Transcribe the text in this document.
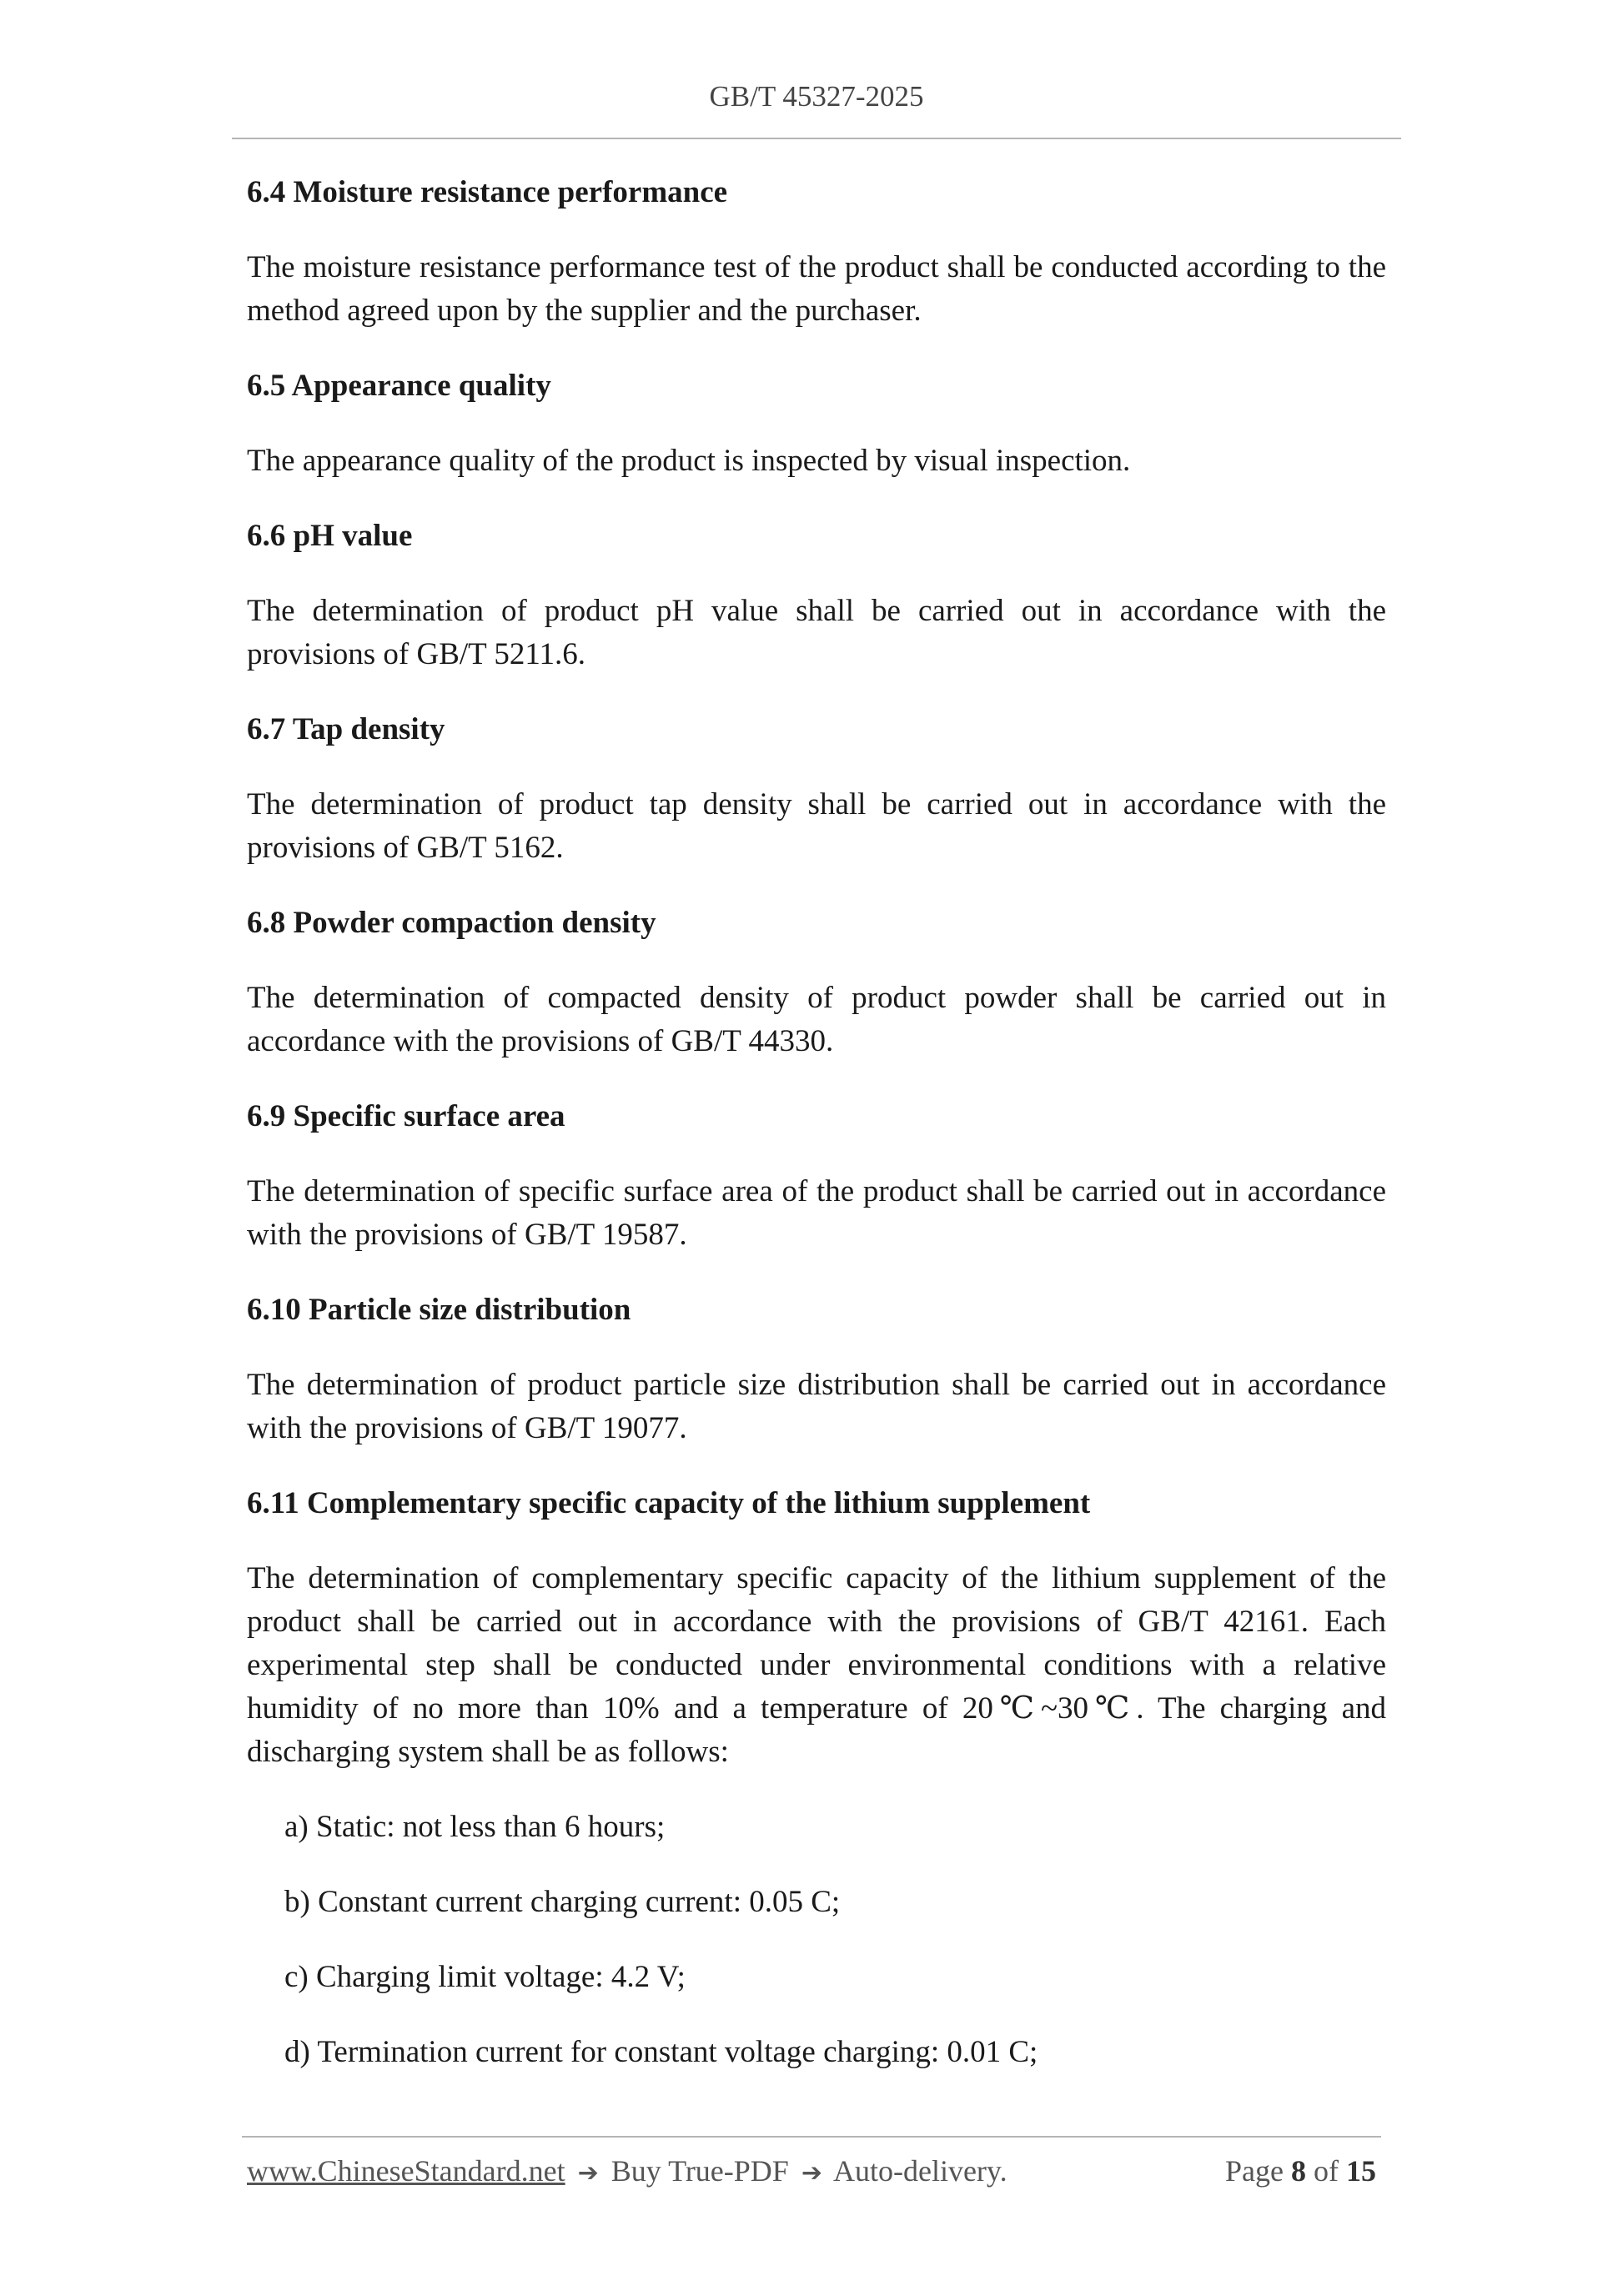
GB/T 45327-2025

6.4 Moisture resistance performance

The moisture resistance performance test of the product shall be conducted according to the method agreed upon by the supplier and the purchaser.

6.5 Appearance quality

The appearance quality of the product is inspected by visual inspection.

6.6 pH value

The determination of product pH value shall be carried out in accordance with the provisions of GB/T 5211.6.

6.7 Tap density

The determination of product tap density shall be carried out in accordance with the provisions of GB/T 5162.

6.8 Powder compaction density

The determination of compacted density of product powder shall be carried out in accordance with the provisions of GB/T 44330.

6.9 Specific surface area

The determination of specific surface area of the product shall be carried out in accordance with the provisions of GB/T 19587.

6.10 Particle size distribution

The determination of product particle size distribution shall be carried out in accordance with the provisions of GB/T 19077.

6.11 Complementary specific capacity of the lithium supplement

The determination of complementary specific capacity of the lithium supplement of the product shall be carried out in accordance with the provisions of GB/T 42161. Each experimental step shall be conducted under environmental conditions with a relative humidity of no more than 10% and a temperature of 20℃~30℃. The charging and discharging system shall be as follows:

a) Static: not less than 6 hours;

b) Constant current charging current: 0.05 C;

c) Charging limit voltage: 4.2 V;

d) Termination current for constant voltage charging: 0.01 C;

www.ChineseStandard.net ➔ Buy True-PDF ➔ Auto-delivery.	Page 8 of 15
